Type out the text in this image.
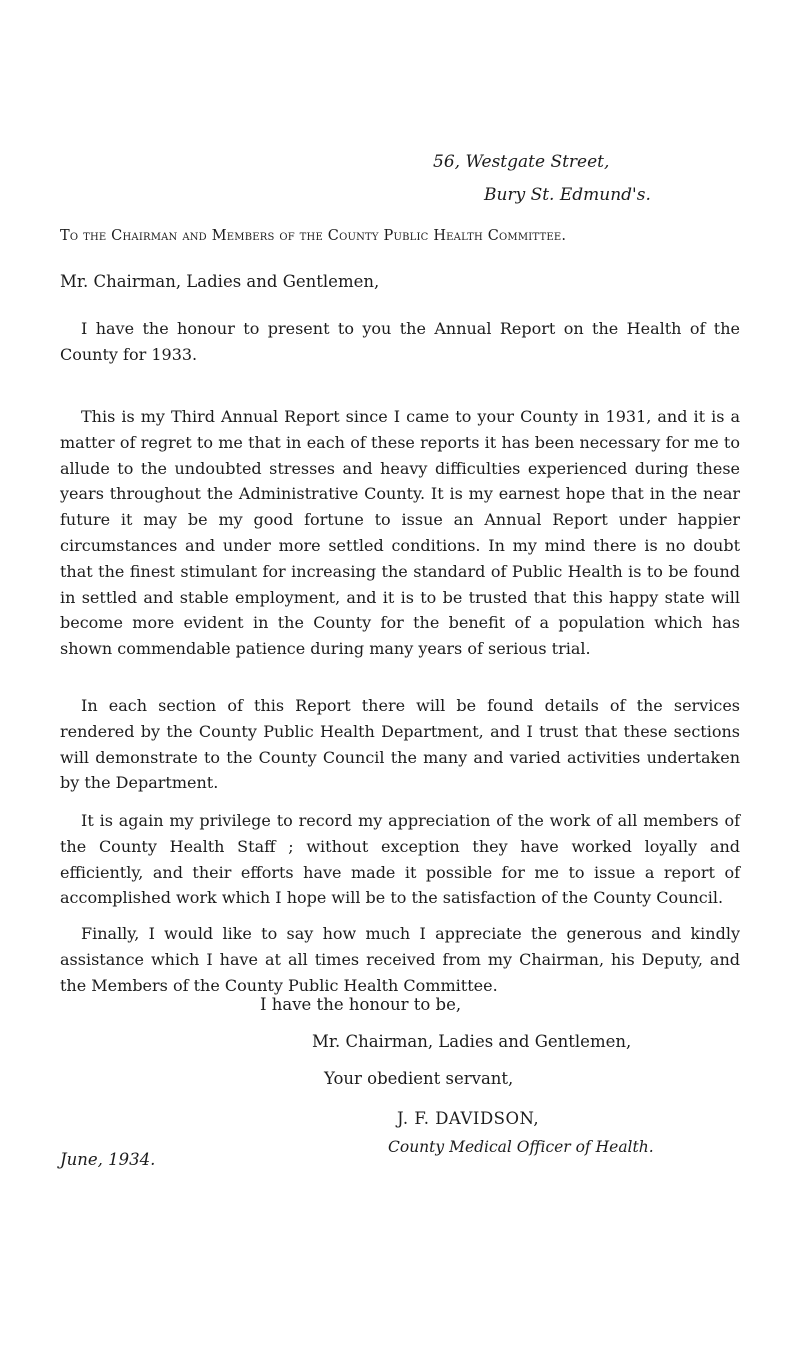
56, Westgate Street,
Bury St. Edmund's.
To the Chairman and Members of the County Public Health Committee.
Mr. Chairman, Ladies and Gentlemen,

I have the honour to present to you the Annual Report on the Health of the County for 1933.

This is my Third Annual Report since I came to your County in 1931, and it is a matter of regret to me that in each of these reports it has been necessary for me to allude to the undoubted stresses and heavy difficulties experienced during these years throughout the Administrative County. It is my earnest hope that in the near future it may be my good fortune to issue an Annual Report under happier circumstances and under more settled conditions. In my mind there is no doubt that the finest stimulant for increasing the standard of Public Health is to be found in settled and stable employment, and it is to be trusted that this happy state will become more evident in the County for the benefit of a population which has shown commendable patience during many years of serious trial.

In each section of this Report there will be found details of the services rendered by the County Public Health Department, and I trust that these sections will demonstrate to the County Council the many and varied activities undertaken by the Department.

It is again my privilege to record my appreciation of the work of all members of the County Health Staff ; without exception they have worked loyally and efficiently, and their efforts have made it possible for me to issue a report of accomplished work which I hope will be to the satisfaction of the County Council.

Finally, I would like to say how much I appreciate the generous and kindly assistance which I have at all times received from my Chairman, his Deputy, and the Members of the County Public Health Committee.

I have the honour to be,
Mr. Chairman, Ladies and Gentlemen,
Your obedient servant,
J. F. DAVIDSON,
County Medical Officer of Health.
June, 1934.
